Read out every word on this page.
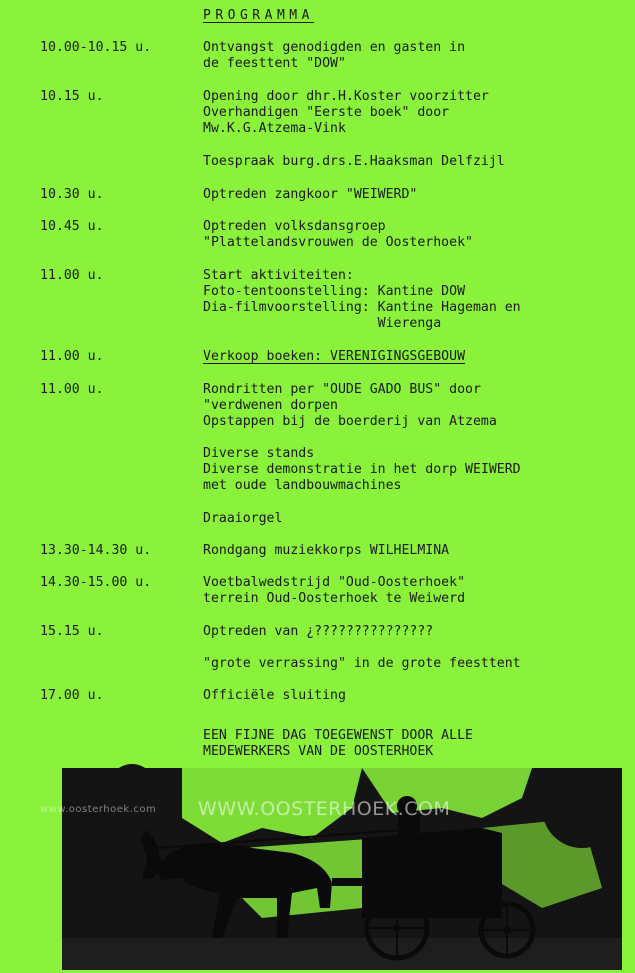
PROGRAMMA
10.00-10.15 u.	Ontvangst genodigden en gasten in
de feesttent "DOW"
10.15 u.	Opening door dhr.H.Koster voorzitter
Overhandigen "Eerste boek" door
Mw.K.G.Atzema-Vink
Toespraak burg.drs.E.Haaksman Delfzijl
10.30 u.	Optreden zangkoor "WEIWERD"
10.45 u.	Optreden volksdansgroep
"Plattelandsvrouwen de Oosterhoek"
11.00 u.	Start aktiviteiten:
Foto-tentoonstelling: Kantine DOW
Dia-filmvoorstelling: Kantine Hageman en
Wierenga
11.00 u.	Verkoop boeken: VERENIGINGSGEBOUW
11.00 u.	Rondritten per "OUDE GADO BUS" door
"verdwenen dorpen
Opstappen bij de boerderij van Atzema
Diverse stands
Diverse demonstratie in het dorp WEIWERD
met oude landbouwmachines
Draaiorgel
13.30-14.30 u.	Rondgang muziekkorps WILHELMINA
14.30-15.00 u.	Voetbalwedstrijd "Oud-Oosterhoek"
terrein Oud-Oosterhoek te Weiwerd
15.15 u.	Optreden van ¿???????????????
"grote verrassing" in de grote feesttent
17.00 u.	Officiële sluiting
EEN FIJNE DAG TOEGEWENST DOOR ALLE
MEDEWERKERS VAN DE OOSTERHOEK
www.oosterhoek.com WWW.OOSTERHOEK.COM
